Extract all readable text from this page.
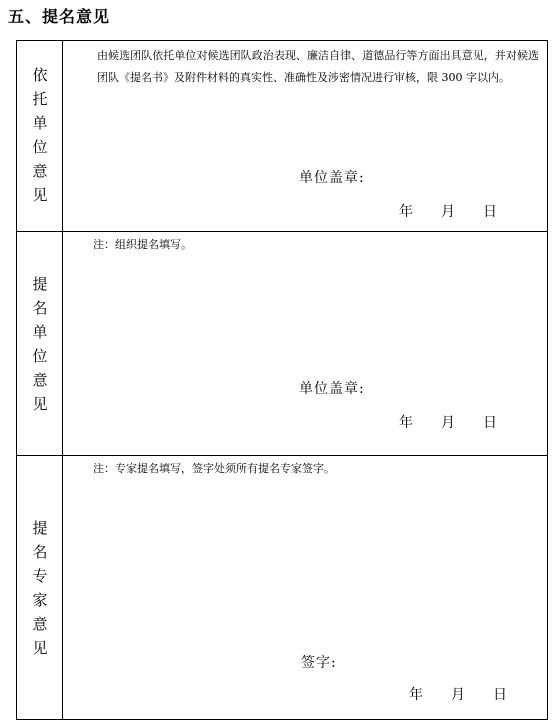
五、提名意见
依
托
单
位
意
见
由候选团队依托单位对候选团队政治表现、廉洁自律、道德品行等方面出具意见，并对候选团队《提名书》及附件材料的真实性、准确性及涉密情况进行审核，限 300 字以内。
单位盖章:
年 月 日
提
名
单
位
意
见
注：组织提名填写。
单位盖章:
年 月 日
提
名
专
家
意
见
注：专家提名填写，签字处须所有提名专家签字。
签字:
年 月 日
